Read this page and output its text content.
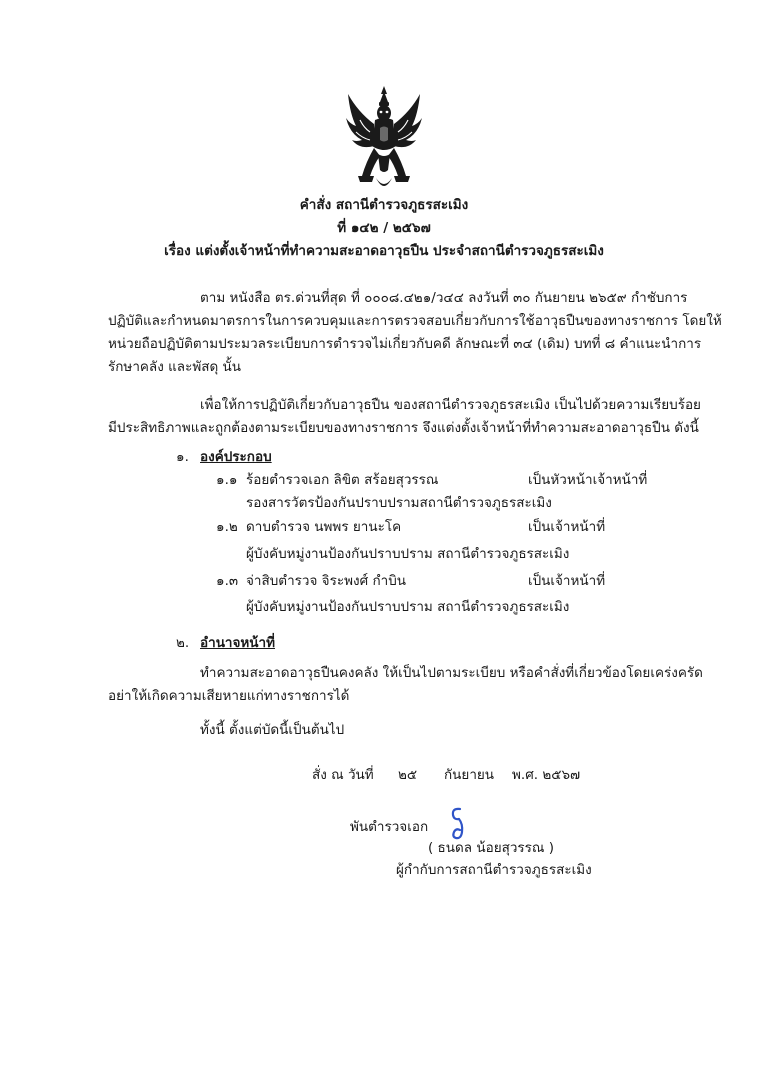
คำสั่ง สถานีตำรวจภูธรสะเมิง
ที่ ๑๔๒ / ๒๕๖๗
เรื่อง แต่งตั้งเจ้าหน้าที่ทำความสะอาดอาวุธปืน ประจำสถานีตำรวจภูธรสะเมิง
ตาม หนังสือ ตร.ด่วนที่สุด ที่ ๐๐๐๘.๔๒๑/ว๔๔ ลงวันที่ ๓๐ กันยายน ๒๖๕๙ กำชับการ
ปฏิบัติและกำหนดมาตรการในการควบคุมและการตรวจสอบเกี่ยวกับการใช้อาวุธปืนของทางราชการ โดยให้
หน่วยถือปฏิบัติตามประมวลระเบียบการตำรวจไม่เกี่ยวกับคดี ลักษณะที่ ๓๔ (เดิม) บทที่ ๘ คำแนะนำการ
รักษาคลัง และพัสดุ นั้น
เพื่อให้การปฏิบัติเกี่ยวกับอาวุธปืน ของสถานีตำรวจภูธรสะเมิง เป็นไปด้วยความเรียบร้อย
มีประสิทธิภาพและถูกต้องตามระเบียบของทางราชการ จึงแต่งตั้งเจ้าหน้าที่ทำความสะอาดอาวุธปืน ดังนี้
๑. องค์ประกอบ
๑.๑ ร้อยตำรวจเอก ลิขิต สร้อยสุวรรณ	เป็นหัวหน้าเจ้าหน้าที่
รองสารวัตรป้องกันปราบปรามสถานีตำรวจภูธรสะเมิง
๑.๒ ดาบตำรวจ นพพร ยานะโค	เป็นเจ้าหน้าที่
ผู้บังคับหมู่งานป้องกันปราบปราม สถานีตำรวจภูธรสะเมิง
๑.๓ จ่าสิบตำรวจ จิระพงศ์ กำบิน	เป็นเจ้าหน้าที่
ผู้บังคับหมู่งานป้องกันปราบปราม สถานีตำรวจภูธรสะเมิง
๒. อำนาจหน้าที่
ทำความสะอาดอาวุธปืนคงคลัง ให้เป็นไปตามระเบียบ หรือคำสั่งที่เกี่ยวข้องโดยเคร่งครัด
อย่าให้เกิดความเสียหายแก่ทางราชการได้
ทั้งนี้ ตั้งแต่บัดนี้เป็นต้นไป
สั่ง ณ วันที่ ๒๕ กันยายน พ.ศ. ๒๕๖๗
พันตำรวจเอก
( ธนดล น้อยสุวรรณ )
ผู้กำกับการสถานีตำรวจภูธรสะเมิง
